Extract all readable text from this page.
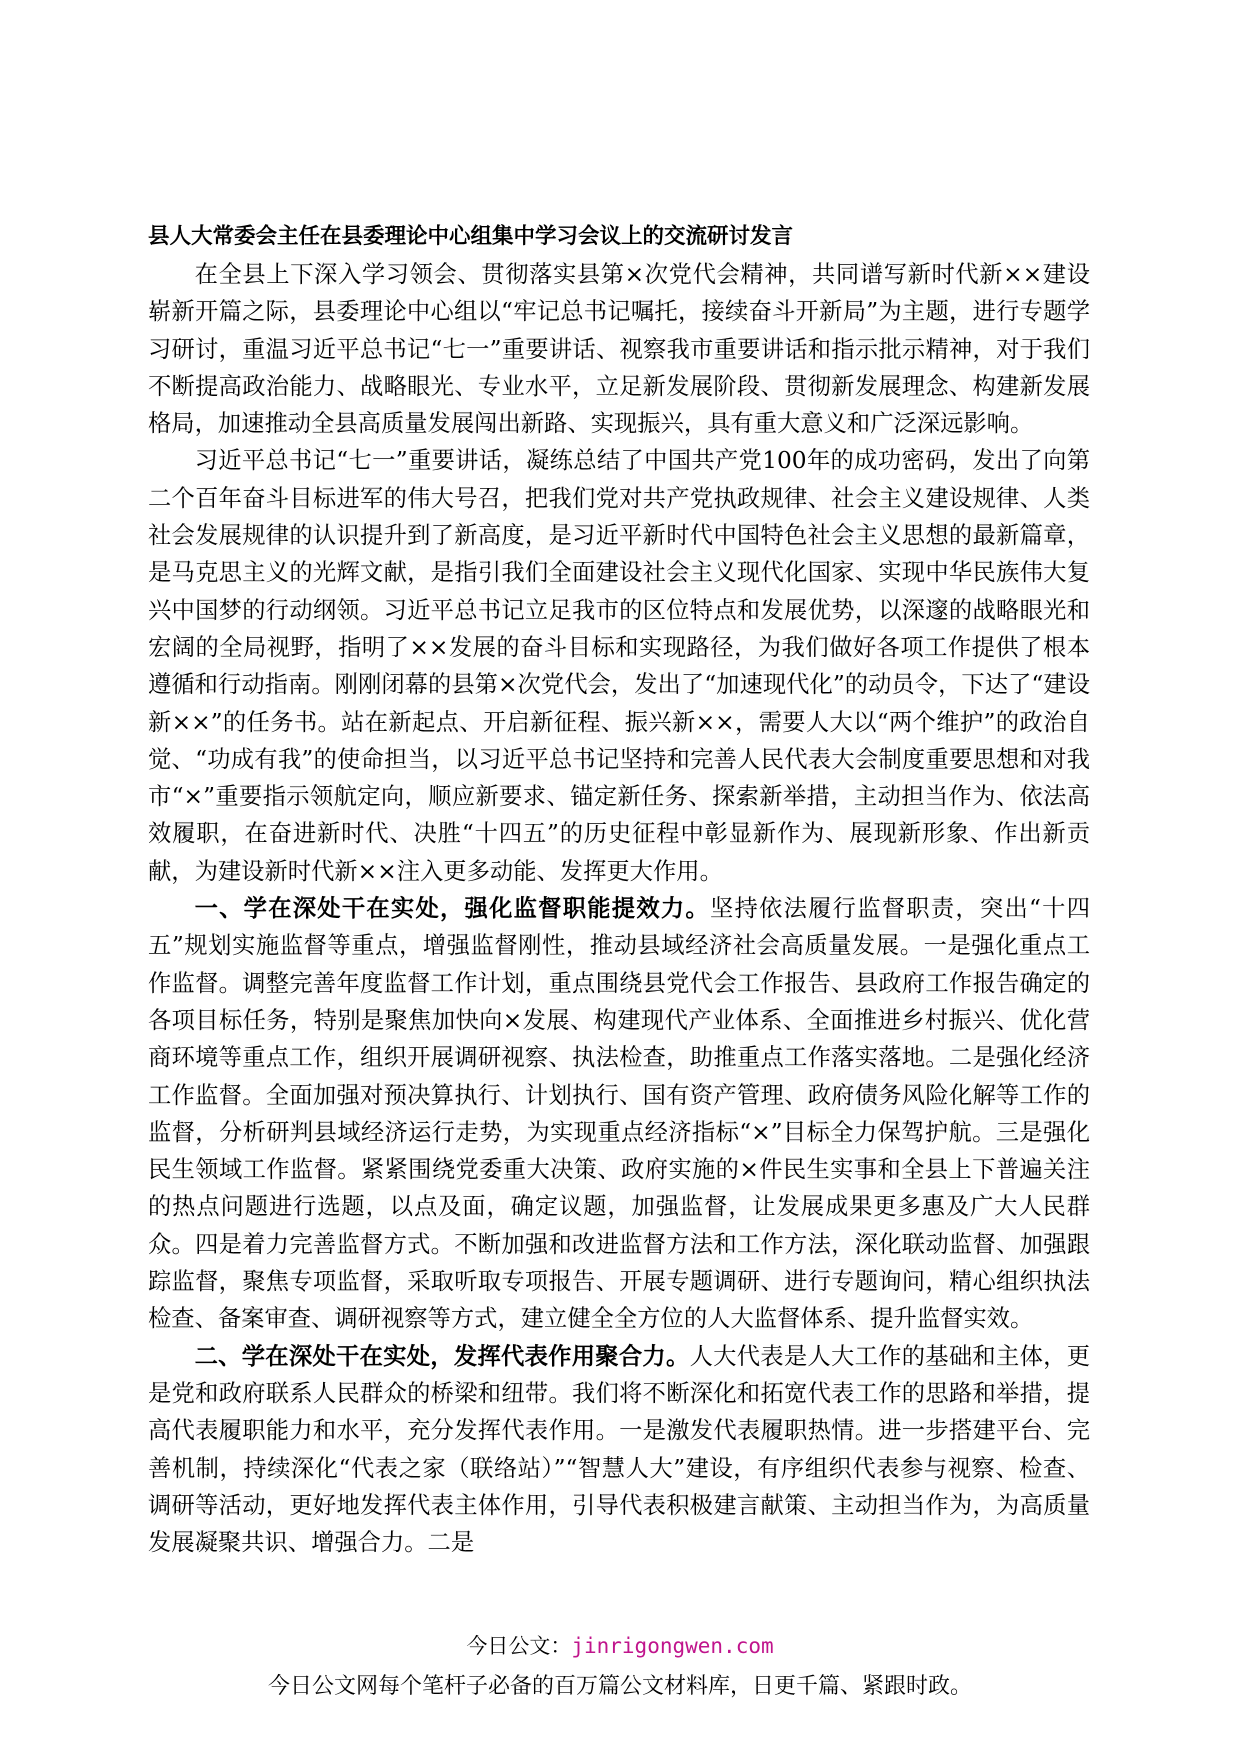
县人大常委会主任在县委理论中心组集中学习会议上的交流研讨发言

在全县上下深入学习领会、贯彻落实县第×次党代会精神，共同谱写新时代新××建设崭新开篇之际，县委理论中心组以“牢记总书记嘱托，接续奋斗开新局”为主题，进行专题学习研讨，重温习近平总书记“七一”重要讲话、视察我市重要讲话和指示批示精神，对于我们不断提高政治能力、战略眼光、专业水平，立足新发展阶段、贯彻新发展理念、构建新发展格局，加速推动全县高质量发展闯出新路、实现振兴，具有重大意义和广泛深远影响。

习近平总书记“七一”重要讲话，凝练总结了中国共产党100年的成功密码，发出了向第二个百年奋斗目标进军的伟大号召，把我们党对共产党执政规律、社会主义建设规律、人类社会发展规律的认识提升到了新高度，是习近平新时代中国特色社会主义思想的最新篇章，是马克思主义的光辉文献，是指引我们全面建设社会主义现代化国家、实现中华民族伟大复兴中国梦的行动纲领。习近平总书记立足我市的区位特点和发展优势，以深邃的战略眼光和宏阔的全局视野，指明了××发展的奋斗目标和实现路径，为我们做好各项工作提供了根本遵循和行动指南。刚刚闭幕的县第×次党代会，发出了“加速现代化”的动员令，下达了“建设新××”的任务书。站在新起点、开启新征程、振兴新××，需要人大以“两个维护”的政治自觉、“功成有我”的使命担当，以习近平总书记坚持和完善人民代表大会制度重要思想和对我市“×”重要指示领航定向，顺应新要求、锚定新任务、探索新举措，主动担当作为、依法高效履职，在奋进新时代、决胜“十四五”的历史征程中彰显新作为、展现新形象、作出新贡献，为建设新时代新××注入更多动能、发挥更大作用。

一、学在深处干在实处，强化监督职能提效力。坚持依法履行监督职责，突出“十四五”规划实施监督等重点，增强监督刚性，推动县域经济社会高质量发展。一是强化重点工作监督。调整完善年度监督工作计划，重点围绕县党代会工作报告、县政府工作报告确定的各项目标任务，特别是聚焦加快向×发展、构建现代产业体系、全面推进乡村振兴、优化营商环境等重点工作，组织开展调研视察、执法检查，助推重点工作落实落地。二是强化经济工作监督。全面加强对预决算执行、计划执行、国有资产管理、政府债务风险化解等工作的监督，分析研判县域经济运行走势，为实现重点经济指标“×”目标全力保驾护航。三是强化民生领域工作监督。紧紧围绕党委重大决策、政府实施的×件民生实事和全县上下普遍关注的热点问题进行选题，以点及面，确定议题，加强监督，让发展成果更多惠及广大人民群众。四是着力完善监督方式。不断加强和改进监督方法和工作方法，深化联动监督、加强跟踪监督，聚焦专项监督，采取听取专项报告、开展专题调研、进行专题询问，精心组织执法检查、备案审查、调研视察等方式，建立健全全方位的人大监督体系、提升监督实效。

二、学在深处干在实处，发挥代表作用聚合力。人大代表是人大工作的基础和主体，更是党和政府联系人民群众的桥梁和纽带。我们将不断深化和拓宽代表工作的思路和举措，提高代表履职能力和水平，充分发挥代表作用。一是激发代表履职热情。进一步搭建平台、完善机制，持续深化“代表之家（联络站）”“智慧人大”建设，有序组织代表参与视察、检查、调研等活动，更好地发挥代表主体作用，引导代表积极建言献策、主动担当作为，为高质量发展凝聚共识、增强合力。二是

今日公文：jinrigongwen.com
今日公文网每个笔杆子必备的百万篇公文材料库，日更千篇、紧跟时政。
